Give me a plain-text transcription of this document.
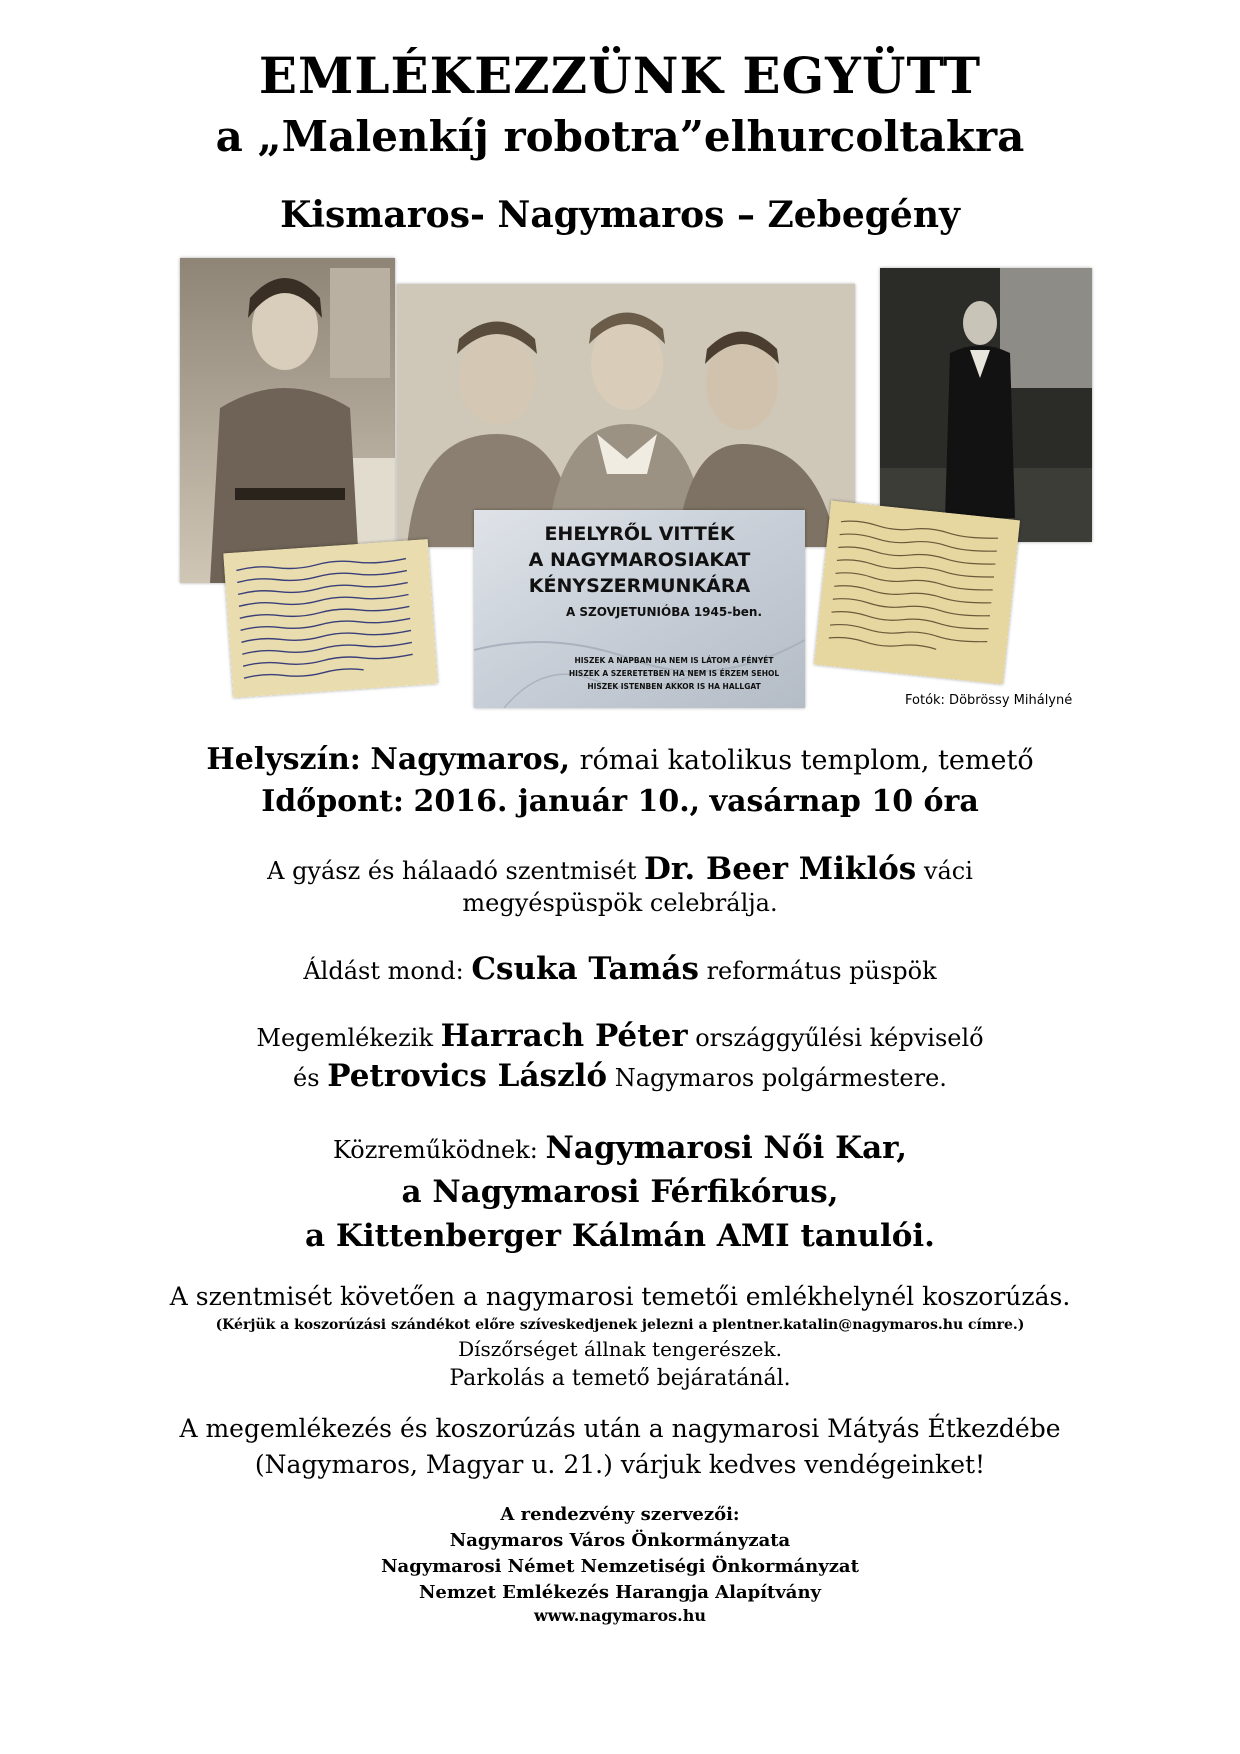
EMLÉKEZZÜNK EGYÜTT
a „Malenkíj robotra”elhurcoltakra
Kismaros- Nagymaros – Zebegény
EHELYRŐL VITTÉK
A NAGYMAROSIAKAT
KÉNYSZERMUNKÁRA
A SZOVJETUNIÓBA 1945-ben.
HISZEK A NAPBAN HA NEM IS LÁTOM A FÉNYÉT
HISZEK A SZERETETBEN HA NEM IS ÉRZEM SEHOL
HISZEK ISTENBEN AKKOR IS HA HALLGAT
Fotók: Döbrössy Mihályné
Helyszín: Nagymaros, római katolikus templom, temető
Időpont: 2016. január 10., vasárnap 10 óra
A gyász és hálaadó szentmisét Dr. Beer Miklós váci
megyéspüspök celebrálja.
Áldást mond: Csuka Tamás református püspök
Megemlékezik Harrach Péter országgyűlési képviselő
és Petrovics László Nagymaros polgármestere.
Közreműködnek: Nagymarosi Női Kar,
a Nagymarosi Férfikórus,
a Kittenberger Kálmán AMI tanulói.
A szentmisét követően a nagymarosi temetői emlékhelynél koszorúzás.
(Kérjük a koszorúzási szándékot előre szíveskedjenek jelezni a plentner.katalin@nagymaros.hu címre.)
Díszőrséget állnak tengerészek.
Parkolás a temető bejáratánál.
A megemlékezés és koszorúzás után a nagymarosi Mátyás Étkezdébe
(Nagymaros, Magyar u. 21.) várjuk kedves vendégeinket!
A rendezvény szervezői:
Nagymaros Város Önkormányzata
Nagymarosi Német Nemzetiségi Önkormányzat
Nemzet Emlékezés Harangja Alapítvány
www.nagymaros.hu
